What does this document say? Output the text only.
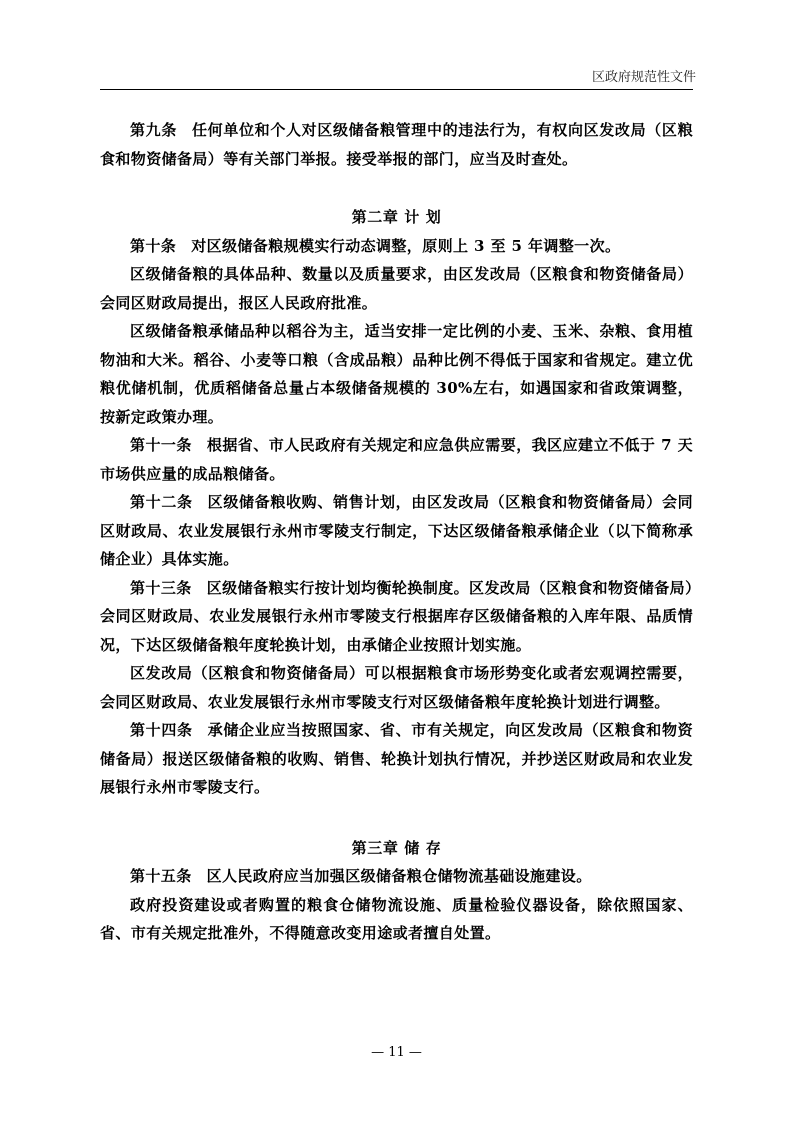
区政府规范性文件

第九条 任何单位和个人对区级储备粮管理中的违法行为，有权向区发改局（区粮食和物资储备局）等有关部门举报。接受举报的部门，应当及时查处。

第二章 计 划

第十条 对区级储备粮规模实行动态调整，原则上 3 至 5 年调整一次。

区级储备粮的具体品种、数量以及质量要求，由区发改局（区粮食和物资储备局）会同区财政局提出，报区人民政府批准。

区级储备粮承储品种以稻谷为主，适当安排一定比例的小麦、玉米、杂粮、食用植物油和大米。稻谷、小麦等口粮（含成品粮）品种比例不得低于国家和省规定。建立优粮优储机制，优质稻储备总量占本级储备规模的 30%左右，如遇国家和省政策调整，按新定政策办理。

第十一条 根据省、市人民政府有关规定和应急供应需要，我区应建立不低于 7 天市场供应量的成品粮储备。

第十二条 区级储备粮收购、销售计划，由区发改局（区粮食和物资储备局）会同区财政局、农业发展银行永州市零陵支行制定，下达区级储备粮承储企业（以下简称承储企业）具体实施。

第十三条 区级储备粮实行按计划均衡轮换制度。区发改局（区粮食和物资储备局）会同区财政局、农业发展银行永州市零陵支行根据库存区级储备粮的入库年限、品质情况，下达区级储备粮年度轮换计划，由承储企业按照计划实施。

区发改局（区粮食和物资储备局）可以根据粮食市场形势变化或者宏观调控需要，会同区财政局、农业发展银行永州市零陵支行对区级储备粮年度轮换计划进行调整。

第十四条 承储企业应当按照国家、省、市有关规定，向区发改局（区粮食和物资储备局）报送区级储备粮的收购、销售、轮换计划执行情况，并抄送区财政局和农业发展银行永州市零陵支行。

第三章 储 存

第十五条 区人民政府应当加强区级储备粮仓储物流基础设施建设。

政府投资建设或者购置的粮食仓储物流设施、质量检验仪器设备，除依照国家、省、市有关规定批准外，不得随意改变用途或者擅自处置。

— 11 —
